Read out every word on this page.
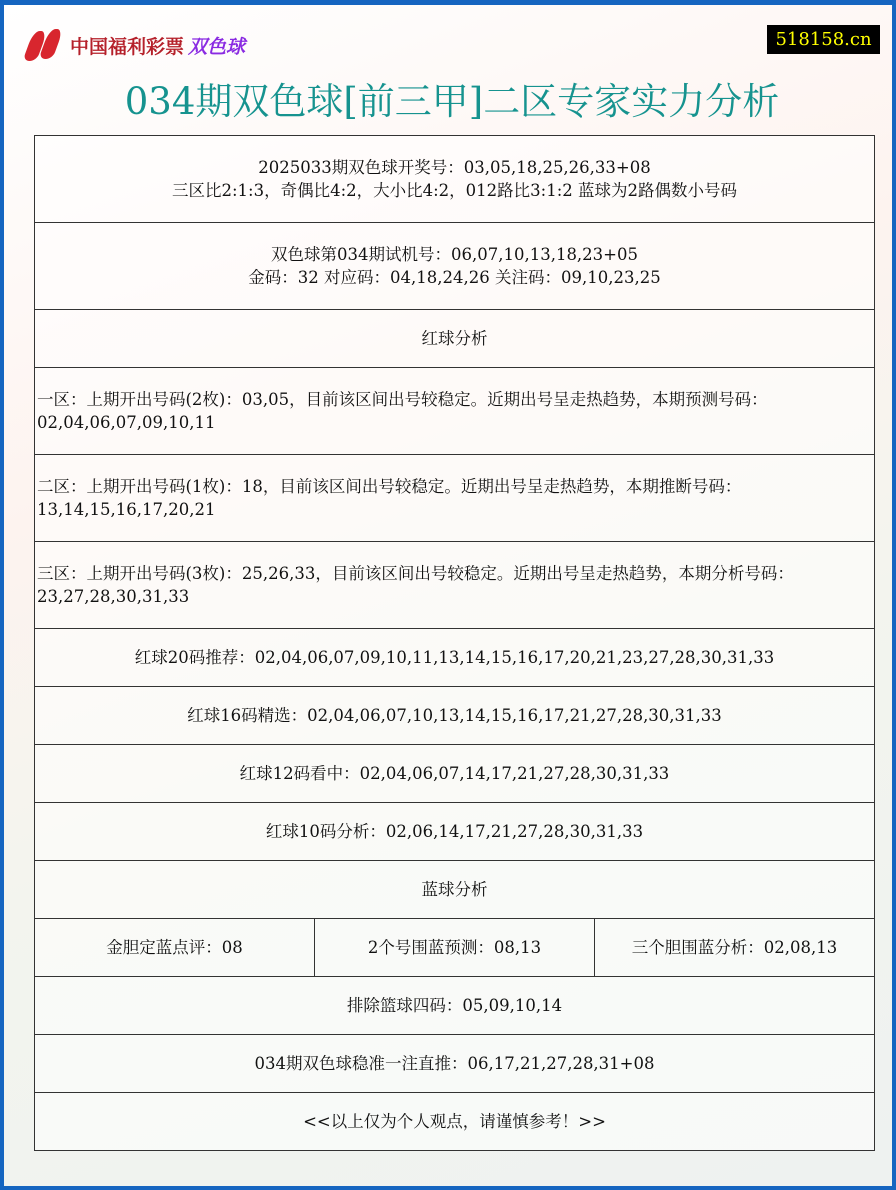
中国福利彩票 双色球	518158.cn
034期双色球[前三甲]二区专家实力分析
2025033期双色球开奖号：03,05,18,25,26,33+08
三区比2:1:3，奇偶比4:2，大小比4:2，012路比3:1:2 蓝球为2路偶数小号码

双色球第034期试机号：06,07,10,13,18,23+05
金码：32 对应码：04,18,24,26 关注码：09,10,23,25

红球分析
一区：上期开出号码(2枚)：03,05，目前该区间出号较稳定。近期出号呈走热趋势，本期预测号码：02,04,06,07,09,10,11
二区：上期开出号码(1枚)：18，目前该区间出号较稳定。近期出号呈走热趋势，本期推断号码：13,14,15,16,17,20,21
三区：上期开出号码(3枚)：25,26,33，目前该区间出号较稳定。近期出号呈走热趋势，本期分析号码：23,27,28,30,31,33
红球20码推荐：02,04,06,07,09,10,11,13,14,15,16,17,20,21,23,27,28,30,31,33
红球16码精选：02,04,06,07,10,13,14,15,16,17,21,27,28,30,31,33
红球12码看中：02,04,06,07,14,17,21,27,28,30,31,33
红球10码分析：02,06,14,17,21,27,28,30,31,33
蓝球分析
金胆定蓝点评：08	2个号围蓝预测：08,13	三个胆围蓝分析：02,08,13
排除篮球四码：05,09,10,14
034期双色球稳准一注直推：06,17,21,27,28,31+08
<<以上仅为个人观点，请谨慎参考！>>
